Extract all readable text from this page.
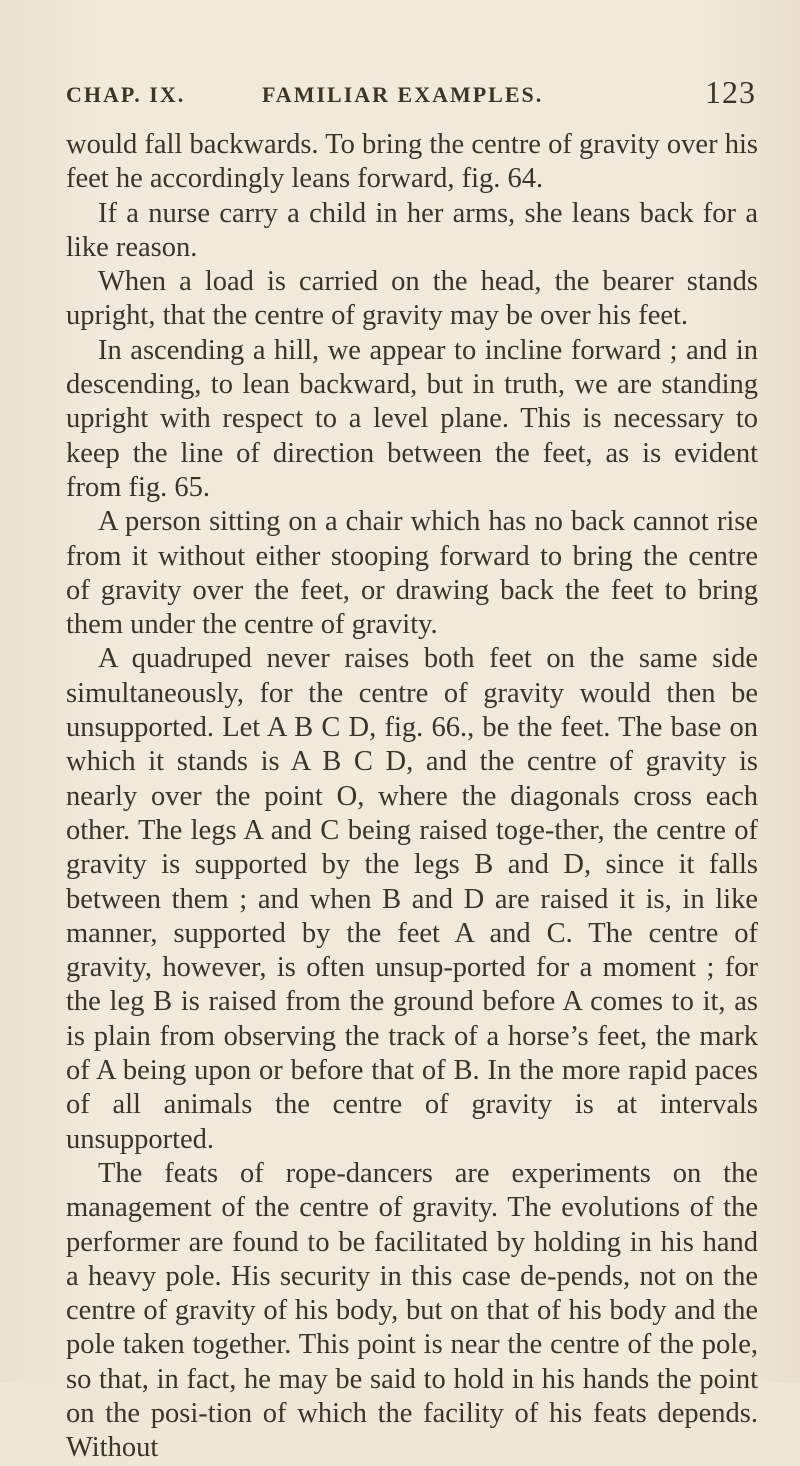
CHAP. IX.	FAMILIAR EXAMPLES.	123

would fall backwards. To bring the centre of gravity over his feet he accordingly leans forward, fig. 64.

If a nurse carry a child in her arms, she leans back for a like reason.

When a load is carried on the head, the bearer stands upright, that the centre of gravity may be over his feet.

In ascending a hill, we appear to incline forward ; and in descending, to lean backward, but in truth, we are standing upright with respect to a level plane. This is necessary to keep the line of direction between the feet, as is evident from fig. 65.

A person sitting on a chair which has no back cannot rise from it without either stooping forward to bring the centre of gravity over the feet, or drawing back the feet to bring them under the centre of gravity.

A quadruped never raises both feet on the same side simultaneously, for the centre of gravity would then be unsupported. Let A B C D, fig. 66., be the feet. The base on which it stands is A B C D, and the centre of gravity is nearly over the point O, where the diagonals cross each other. The legs A and C being raised toge-ther, the centre of gravity is supported by the legs B and D, since it falls between them ; and when B and D are raised it is, in like manner, supported by the feet A and C. The centre of gravity, however, is often unsup-ported for a moment ; for the leg B is raised from the ground before A comes to it, as is plain from observing the track of a horse’s feet, the mark of A being upon or before that of B. In the more rapid paces of all animals the centre of gravity is at intervals unsupported.

The feats of rope-dancers are experiments on the management of the centre of gravity. The evolutions of the performer are found to be facilitated by holding in his hand a heavy pole. His security in this case de-pends, not on the centre of gravity of his body, but on that of his body and the pole taken together. This point is near the centre of the pole, so that, in fact, he may be said to hold in his hands the point on the posi-tion of which the facility of his feats depends. Without
